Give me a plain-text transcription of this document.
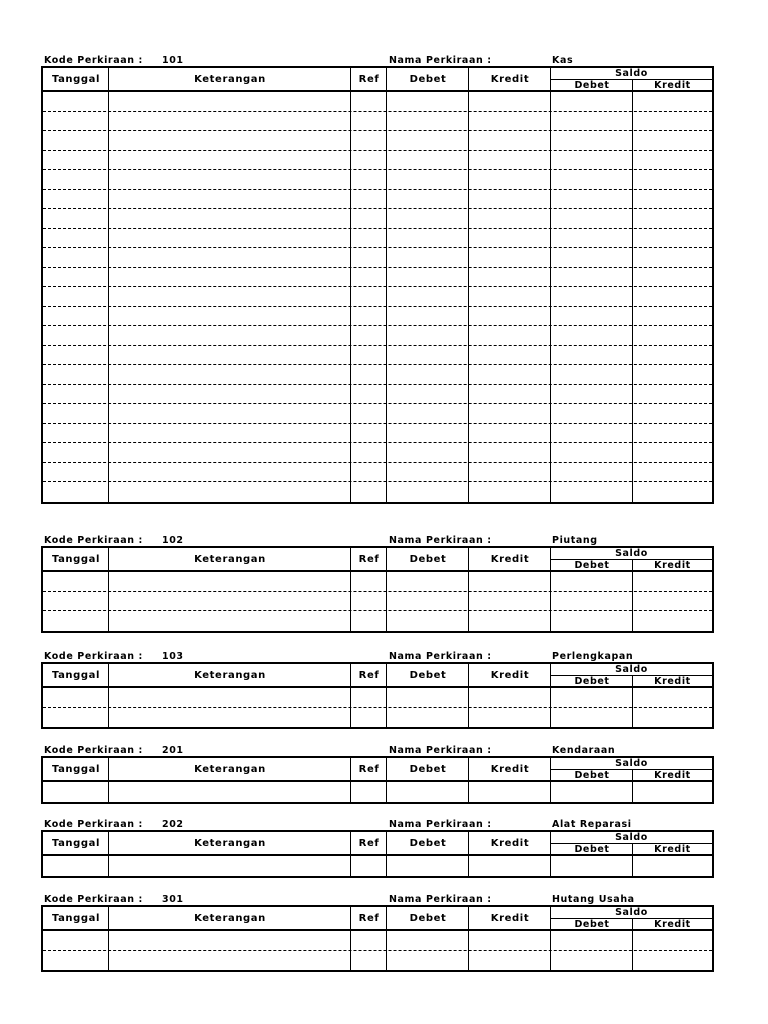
Kode Perkiraan : 101	Nama Perkiraan :	Kas
Tanggal	Keterangan	Ref	Debet	Kredit	Saldo
Debet	Kredit
Kode Perkiraan : 102	Nama Perkiraan :	Piutang
Tanggal	Keterangan	Ref	Debet	Kredit	Saldo
Debet	Kredit
Kode Perkiraan : 103	Nama Perkiraan :	Perlengkapan
Tanggal	Keterangan	Ref	Debet	Kredit	Saldo
Debet	Kredit
Kode Perkiraan : 201	Nama Perkiraan :	Kendaraan
Tanggal	Keterangan	Ref	Debet	Kredit	Saldo
Debet	Kredit
Kode Perkiraan : 202	Nama Perkiraan :	Alat Reparasi
Tanggal	Keterangan	Ref	Debet	Kredit	Saldo
Debet	Kredit
Kode Perkiraan : 301	Nama Perkiraan :	Hutang Usaha
Tanggal	Keterangan	Ref	Debet	Kredit	Saldo
Debet	Kredit
